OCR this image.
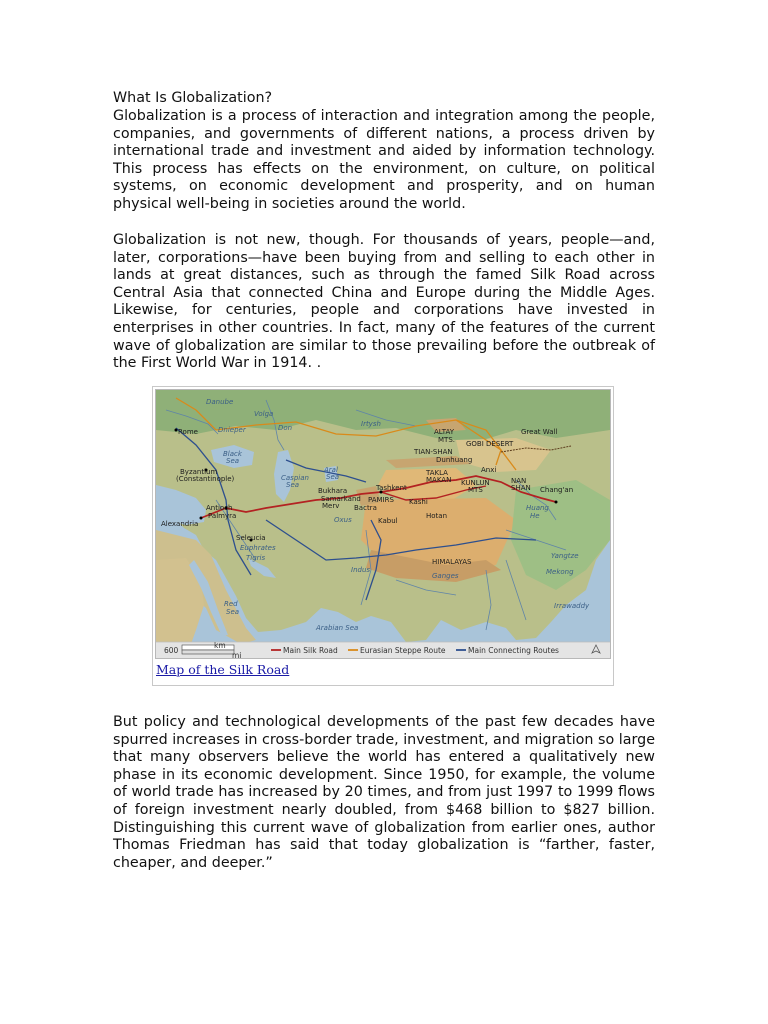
What Is Globalization?

Globalization is a process of interaction and integration among the people, companies, and governments of different nations, a process driven by international trade and investment and aided by information technology. This process has effects on the environment, on culture, on political systems, on economic development and prosperity, and on human physical well-being in societies around the world.

Globalization is not new, though. For thousands of years, people—and, later, corporations—have been buying from and selling to each other in lands at great distances, such as through the famed Silk Road across Central Asia that connected China and Europe during the Middle Ages. Likewise, for centuries, people and corporations have invested in enterprises in other countries. In fact, many of the features of the current wave of globalization are similar to those prevailing before the outbreak of the First World War in 1914. .

Rome
Danube
Dnieper	Don
Volga
Irtysh
ALTAY
MTS. GOBI DESERT
Great Wall
Black
Sea
Byzantium
(Constantinople)	Caspian
Sea
Aral
Sea
Tashkent
TIAN-SHAN
Dunhuang
TAKLA
MAKAN
Anxi
KUNLUN
MTS
NAN
SHAN Chang'an
Antioch
Palmyra
Alexandria
Bukhara
Samarkand
Merv Bactra
PAMIRS Kashi
Hotan
Kabul
Seleucia
Euphrates
Tigris
Indus
HIMALAYAS
Ganges
Huang
He
Yangtze
Mekong
Irrawaddy
Red
Sea
Arabian Sea
Oxus
600
km
mi
Main Silk Road	Eurasian Steppe Route	Main Connecting Routes
Map of the Silk Road

But policy and technological developments of the past few decades have spurred increases in cross-border trade, investment, and migration so large that many observers believe the world has entered a qualitatively new phase in its economic development. Since 1950, for example, the volume of world trade has increased by 20 times, and from just 1997 to 1999 flows of foreign investment nearly doubled, from $468 billion to $827 billion. Distinguishing this current wave of globalization from earlier ones, author Thomas Friedman has said that today globalization is “farther, faster, cheaper, and deeper.”
